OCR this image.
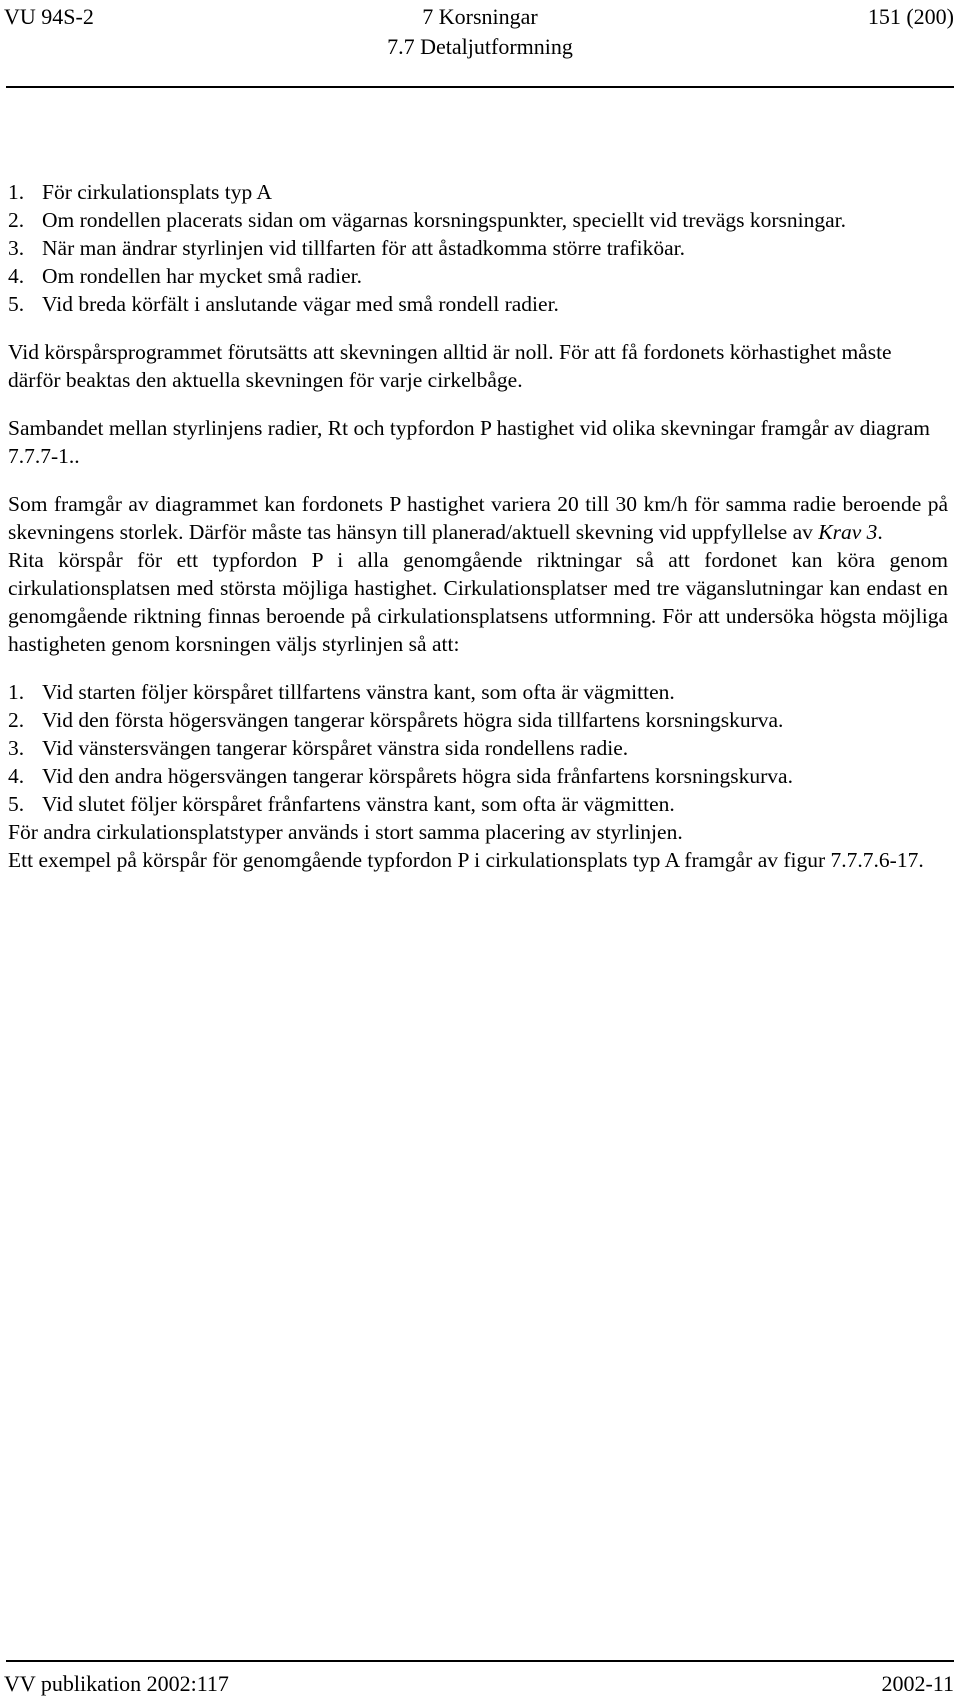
VU 94S-2	7 Korsningar
7.7 Detaljutformning
151 (200)
1. För cirkulationsplats typ A
2. Om rondellen placerats sidan om vägarnas korsningspunkter, speciellt vid trevägs korsningar.
3. När man ändrar styrlinjen vid tillfarten för att åstadkomma större trafiköar.
4. Om rondellen har mycket små radier.
5. Vid breda körfält i anslutande vägar med små rondell radier.

Vid körspårsprogrammet förutsätts att skevningen alltid är noll. För att få fordonets körhastighet måste därför beaktas den aktuella skevningen för varje cirkelbåge.

Sambandet mellan styrlinjens radier, Rt och typfordon P hastighet vid olika skevningar framgår av diagram 7.7.7-1..

Som framgår av diagrammet kan fordonets P hastighet variera 20 till 30 km/h för samma radie beroende på skevningens storlek. Därför måste tas hänsyn till planerad/aktuell skevning vid uppfyllelse av Krav 3.

Rita körspår för ett typfordon P i alla genomgående riktningar så att fordonet kan köra genom cirkulationsplatsen med största möjliga hastighet. Cirkulationsplatser med tre väganslutningar kan endast en genomgående riktning finnas beroende på cirkulationsplatsens utformning. För att undersöka högsta möjliga hastigheten genom korsningen väljs styrlinjen så att:

1. Vid starten följer körspåret tillfartens vänstra kant, som ofta är vägmitten.
2. Vid den första högersvängen tangerar körspårets högra sida tillfartens korsningskurva.
3. Vid vänstersvängen tangerar körspåret vänstra sida rondellens radie.
4. Vid den andra högersvängen tangerar körspårets högra sida frånfartens korsningskurva.
5. Vid slutet följer körspåret frånfartens vänstra kant, som ofta är vägmitten.

För andra cirkulationsplatstyper används i stort samma placering av styrlinjen.

Ett exempel på körspår för genomgående typfordon P i cirkulationsplats typ A framgår av figur 7.7.7.6-17.

VV publikation 2002:117	2002-11
